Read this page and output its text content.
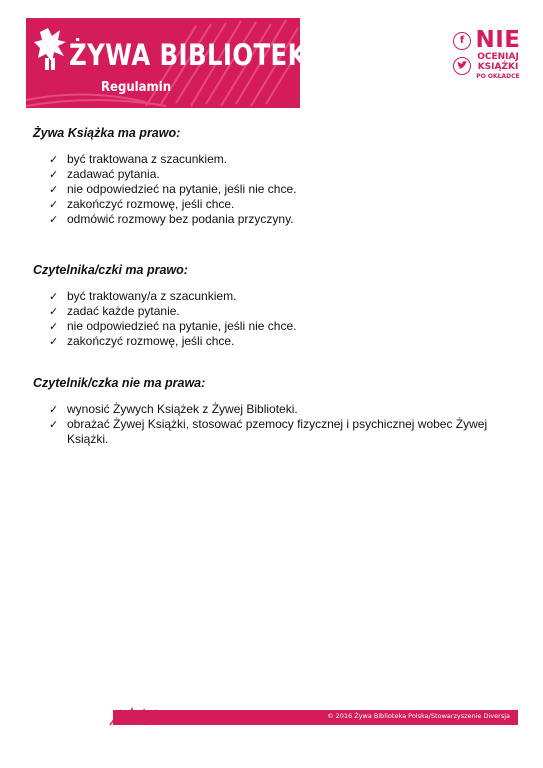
ŻYWA BIBLIOTEKA
Regulamin
f NIE
OCENIAJ
KSIĄŻKI
PO OKŁADCE
Żywa Książka ma prawo:
✓ być traktowana z szacunkiem.
✓ zadawać pytania.
✓ nie odpowiedzieć na pytanie, jeśli nie chce.
✓ zakończyć rozmowę, jeśli chce.
✓ odmówić rozmowy bez podania przyczyny.
Czytelnika/czki ma prawo:
✓ być traktowany/a z szacunkiem.
✓ zadać każde pytanie.
✓ nie odpowiedzieć na pytanie, jeśli nie chce.
✓ zakończyć rozmowę, jeśli chce.
Czytelnik/czka nie ma prawa:
✓ wynosić Żywych Książek z Żywej Biblioteki.
✓ obrażać Żywej Książki, stosować pzemocy fizycznej i psychicznej wobec Żywej Książki.
© 2016 Żywa Biblioteka Polska/Stowarzyszenie Diversja
